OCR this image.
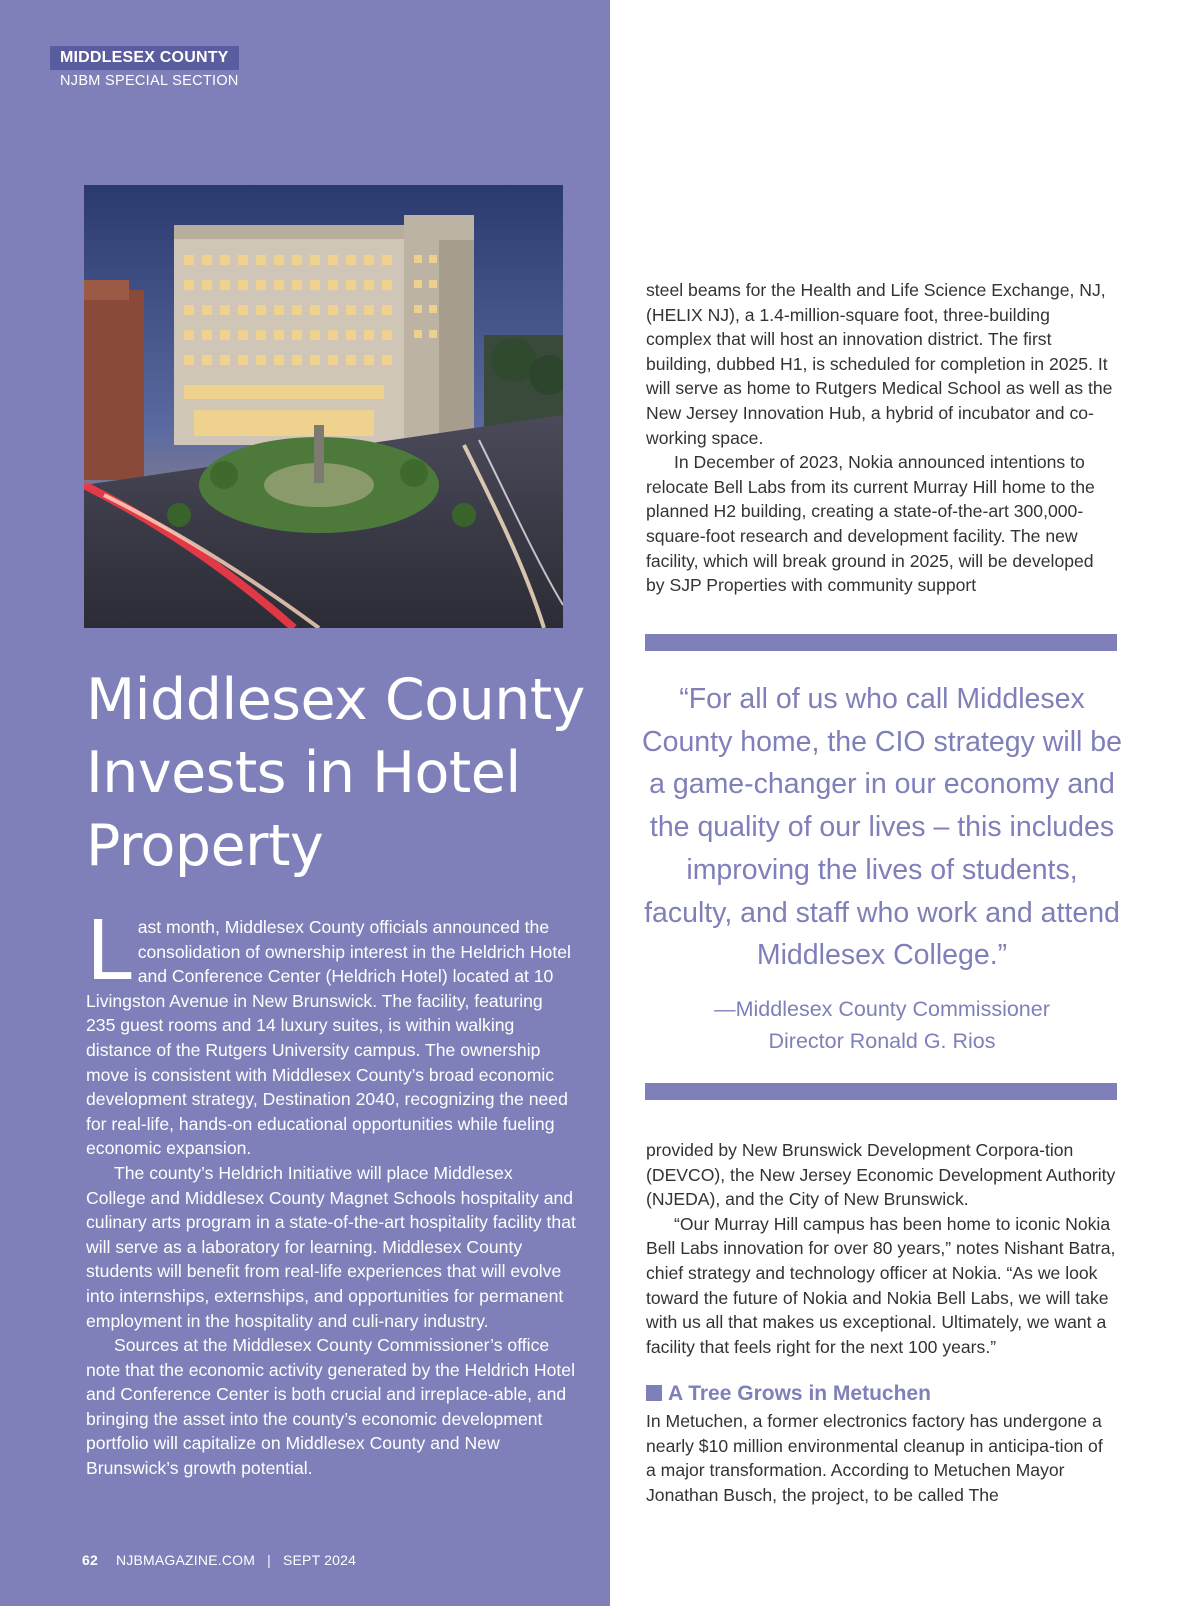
MIDDLESEX COUNTY
NJBM SPECIAL SECTION
Middlesex County Invests in Hotel Property

Last month, Middlesex County officials announced the consolidation of ownership interest in the Heldrich Hotel and Conference Center (Heldrich Hotel) located at 10 Livingston Avenue in New Brunswick. The facility, featuring 235 guest rooms and 14 luxury suites, is within walking distance of the Rutgers University campus. The ownership move is consistent with Middlesex County’s broad economic development strategy, Destination 2040, recognizing the need for real-life, hands-on educational opportunities while fueling economic expansion.

The county’s Heldrich Initiative will place Middlesex College and Middlesex County Magnet Schools hospitality and culinary arts program in a state-of-the-art hospitality facility that will serve as a laboratory for learning. Middlesex County students will benefit from real-life experiences that will evolve into internships, externships, and opportunities for permanent employment in the hospitality and culi-nary industry.

Sources at the Middlesex County Commissioner’s office note that the economic activity generated by the Heldrich Hotel and Conference Center is both crucial and irreplace-able, and bringing the asset into the county’s economic development portfolio will capitalize on Middlesex County and New Brunswick’s growth potential.

62 NJBMAGAZINE.COM | SEPT 2024

steel beams for the Health and Life Science Exchange, NJ, (HELIX NJ), a 1.4-million-square foot, three-building complex that will host an innovation district. The first building, dubbed H1, is scheduled for completion in 2025. It will serve as home to Rutgers Medical School as well as the New Jersey Innovation Hub, a hybrid of incubator and co-working space.

In December of 2023, Nokia announced intentions to relocate Bell Labs from its current Murray Hill home to the planned H2 building, creating a state-of-the-art 300,000-square-foot research and development facility. The new facility, which will break ground in 2025, will be developed by SJP Properties with community support

“For all of us who call Middlesex County home, the CIO strategy will be a game-changer in our economy and the quality of our lives – this includes improving the lives of students, faculty, and staff who work and attend Middlesex College.”
—Middlesex County Commissioner
Director Ronald G. Rios

provided by New Brunswick Development Corpora-tion (DEVCO), the New Jersey Economic Development Authority (NJEDA), and the City of New Brunswick.

“Our Murray Hill campus has been home to iconic Nokia Bell Labs innovation for over 80 years,” notes Nishant Batra, chief strategy and technology officer at Nokia. “As we look toward the future of Nokia and Nokia Bell Labs, we will take with us all that makes us exceptional. Ultimately, we want a facility that feels right for the next 100 years.”

A Tree Grows in Metuchen

In Metuchen, a former electronics factory has undergone a nearly $10 million environmental cleanup in anticipa-tion of a major transformation. According to Metuchen Mayor Jonathan Busch, the project, to be called The
